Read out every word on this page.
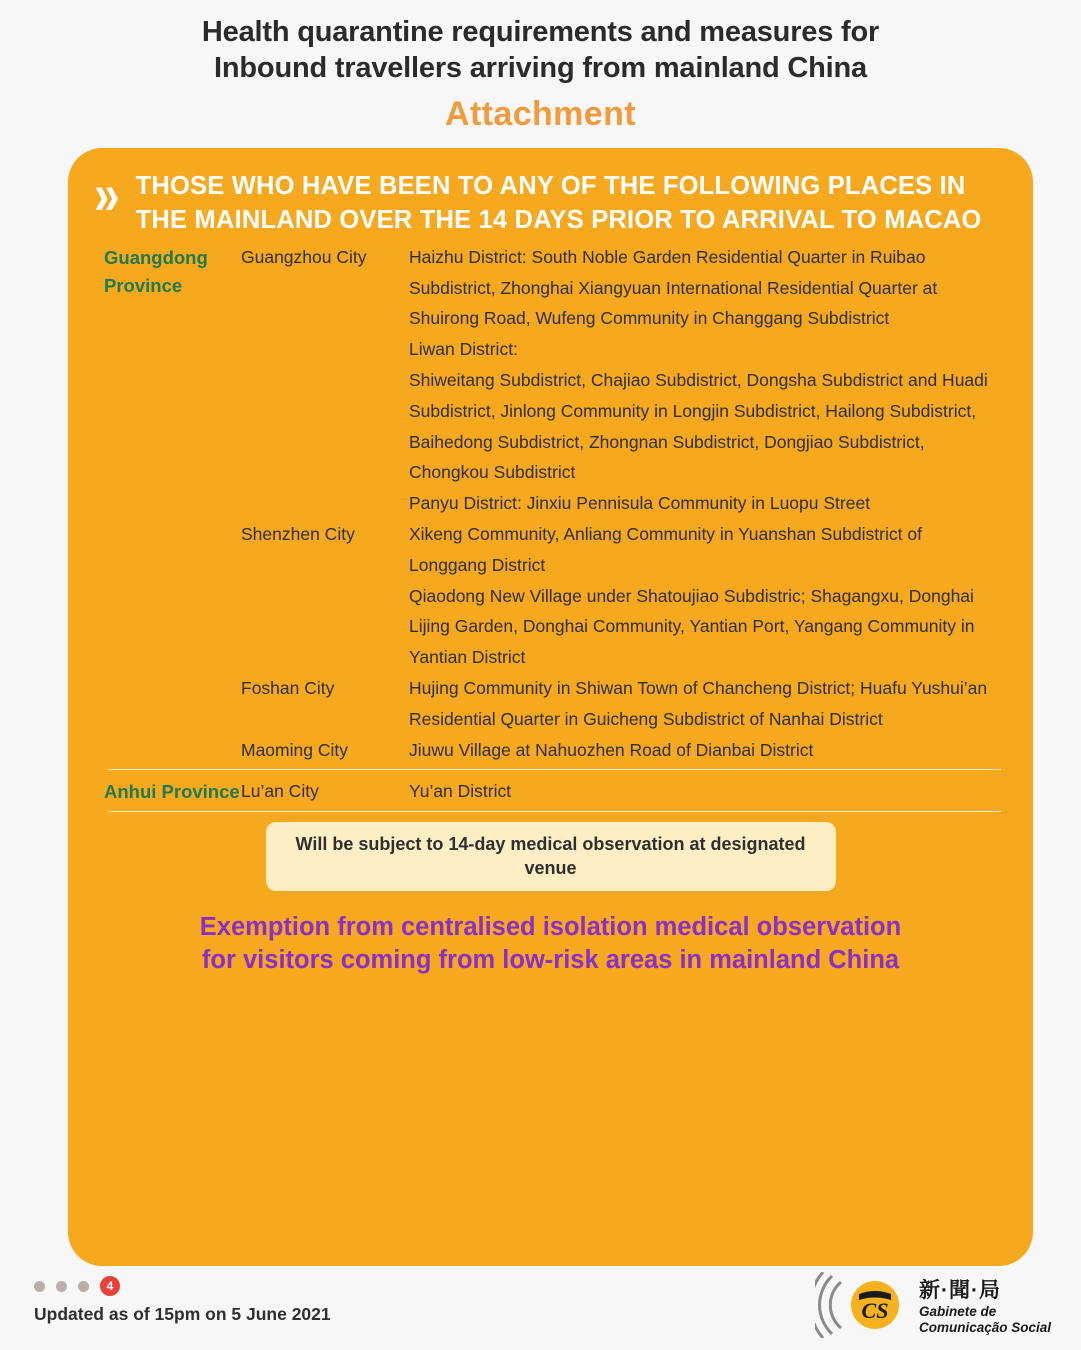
Health quarantine requirements and measures for
Inbound travellers arriving from mainland China
Attachment
» THOSE WHO HAVE BEEN TO ANY OF THE FOLLOWING PLACES IN THE MAINLAND OVER THE 14 DAYS PRIOR TO ARRIVAL TO MACAO
Guangdong Province
Guangzhou City	Haizhu District: South Noble Garden Residential Quarter in Ruibao Subdistrict, Zhonghai Xiangyuan International Residential Quarter at Shuirong Road, Wufeng Community in Changgang Subdistrict
Liwan District:
Shiweitang Subdistrict, Chajiao Subdistrict, Dongsha Subdistrict and Huadi Subdistrict, Jinlong Community in Longjin Subdistrict, Hailong Subdistrict, Baihedong Subdistrict, Zhongnan Subdistrict, Dongjiao Subdistrict, Chongkou Subdistrict
Panyu District: Jinxiu Pennisula Community in Luopu Street
Shenzhen City	Xikeng Community, Anliang Community in Yuanshan Subdistrict of Longgang District
Qiaodong New Village under Shatoujiao Subdistric; Shagangxu, Donghai Lijing Garden, Donghai Community, Yantian Port, Yangang Community in Yantian District
Foshan City	Hujing Community in Shiwan Town of Chancheng District; Huafu Yushui’an Residential Quarter in Guicheng Subdistrict of Nanhai District
Maoming City	Jiuwu Village at Nahuozhen Road of Dianbai District
Anhui Province Lu’an City	Yu’an District
Will be subject to 14-day medical observation at designated venue
Exemption from centralised isolation medical observation
for visitors coming from low-risk areas in mainland China
4
Updated as of 15pm on 5 June 2021	CS
新·聞·局
Gabinete de
Comunicação Social
